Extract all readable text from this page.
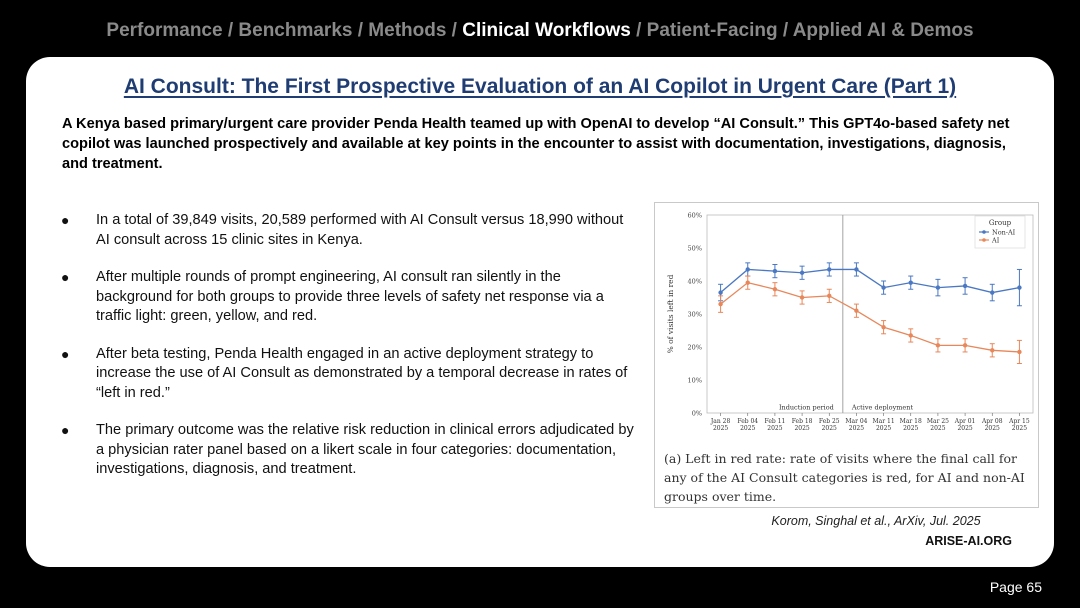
Performance / Benchmarks / Methods / Clinical Workflows / Patient-Facing / Applied AI & Demos
AI Consult: The First Prospective Evaluation of an AI Copilot in Urgent Care (Part 1)
A Kenya based primary/urgent care provider Penda Health teamed up with OpenAI to develop “AI Consult.” This GPT4o-based safety net copilot was launched prospectively and available at key points in the encounter to assist with documentation, investigations, diagnosis, and treatment.
● In a total of 39,849 visits, 20,589 performed with AI Consult versus 18,990 without AI consult across 15 clinic sites in Kenya.
● After multiple rounds of prompt engineering, AI consult ran silently in the background for both groups to provide three levels of safety net response via a traffic light: green, yellow, and red.
● After beta testing, Penda Health engaged in an active deployment strategy to increase the use of AI Consult as demonstrated by a temporal decrease in rates of “left in red.”
● The primary outcome was the relative risk reduction in clinical errors adjudicated by a physician rater panel based on a likert scale in four categories: documentation, investigations, diagnosis, and treatment.
0%
10%
20%
30%
40%
50%
60%
% of visits left in red
Jan 28
2025
Feb 04
2025
Feb 11
2025
Feb 18
2025
Feb 25
2025
Mar 04
2025
Mar 11
2025
Mar 18
2025
Mar 25
2025
Apr 01
2025
Apr 08
2025
Apr 15
2025
Induction period	Active deployment
Group
Non-AI
AI
(a) Left in red rate: rate of visits where the final call for any of the AI Consult categories is red, for AI and non-AI groups over time.
Korom, Singhal et al., ArXiv, Jul. 2025
ARISE-AI.ORG
Page 65
